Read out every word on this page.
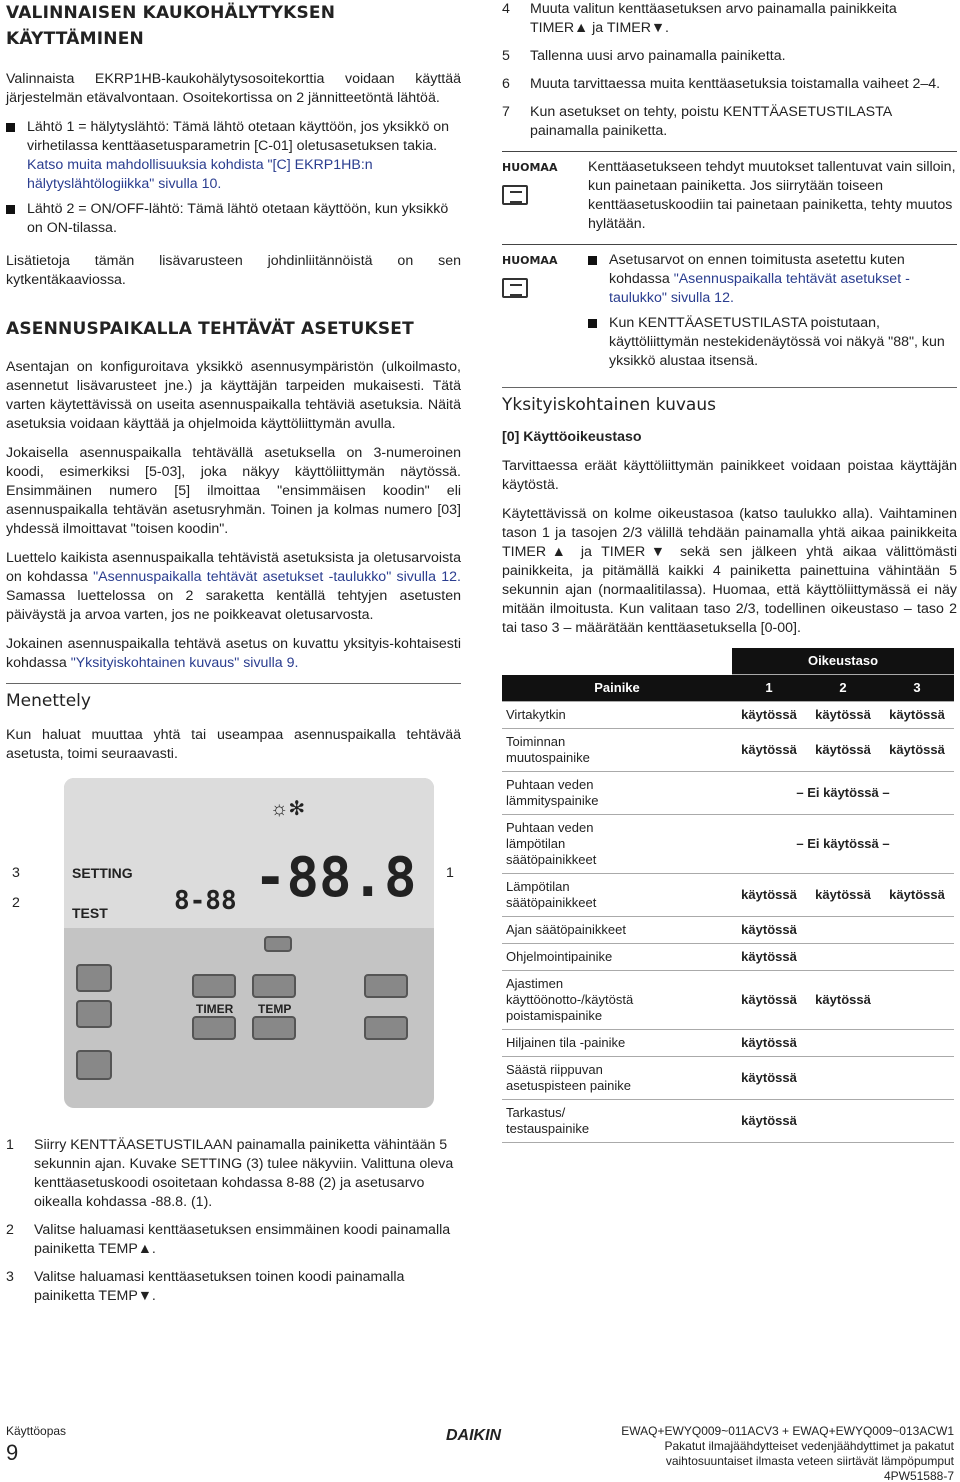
VALINNAISEN KAUKOHÄLYTYKSEN
KÄYTTÄMINEN

Valinnaista EKRP1HB-kaukohälytysosoitekorttia voidaan käyttää järjestelmän etävalvontaan. Osoitekortissa on 2 jännitteetöntä lähtöä.

Lähtö 1 = hälytyslähtö: Tämä lähtö otetaan käyttöön, jos yksikkö on virhetilassa kenttäasetusparametrin [C-01] oletusasetuksen takia. Katso muita mahdollisuuksia kohdista "[C] EKRP1HB:n hälytyslähtölogiikka" sivulla 10.
Lähtö 2 = ON/OFF-lähtö: Tämä lähtö otetaan käyttöön, kun yksikkö on ON-tilassa.

Lisätietoja tämän lisävarusteen johdinliitännöistä on sen kytkentäkaaviossa.

ASENNUSPAIKALLA TEHTÄVÄT ASETUKSET

Asentajan on konfiguroitava yksikkö asennusympäristön (ulkoilmasto, asennetut lisävarusteet jne.) ja käyttäjän tarpeiden mukaisesti. Tätä varten käytettävissä on useita asennuspaikalla tehtäviä asetuksia. Näitä asetuksia voidaan käyttää ja ohjelmoida käyttöliittymän avulla.

Jokaisella asennuspaikalla tehtävällä asetuksella on 3-numeroinen koodi, esimerkiksi [5-03], joka näkyy käyttöliittymän näytössä. Ensimmäinen numero [5] ilmoittaa "ensimmäisen koodin" eli asennuspaikalla tehtävän asetusryhmän. Toinen ja kolmas numero [03] yhdessä ilmoittavat "toisen koodin".

Luettelo kaikista asennuspaikalla tehtävistä asetuksista ja oletusarvoista on kohdassa "Asennuspaikalla tehtävät asetukset -taulukko" sivulla 12. Samassa luettelossa on 2 saraketta kentällä tehtyjen asetusten päiväystä ja arvoa varten, jos ne poikkeavat oletusarvosta.

Jokainen asennuspaikalla tehtävä asetus on kuvattu yksityis-kohtaisesti kohdassa "Yksityiskohtainen kuvaus" sivulla 9.

Menettely

Kun haluat muuttaa yhtä tai useampaa asennuspaikalla tehtävää asetusta, toimi seuraavasti.

SETTING
TEST	8-88 -88.8
☼✻
TIMER TEMP
3
2
1
1 Siirry KENTTÄASETUSTILAAN painamalla painiketta vähintään 5 sekunnin ajan. Kuvake SETTING (3) tulee näkyviin. Valittuna oleva kenttäasetuskoodi osoitetaan kohdassa 8-88 (2) ja asetusarvo oikealla kohdassa -88.8. (1).
2 Valitse haluamasi kenttäasetuksen ensimmäinen koodi painamalla painiketta TEMP▲.
3 Valitse haluamasi kenttäasetuksen toinen koodi painamalla painiketta TEMP▼.
4 Muuta valitun kenttäasetuksen arvo painamalla painikkeita TIMER▲ ja TIMER▼.
5 Tallenna uusi arvo painamalla painiketta.
6 Muuta tarvittaessa muita kenttäasetuksia toistamalla vaiheet 2–4.
7 Kun asetukset on tehty, poistu KENTTÄASETUSTILASTA painamalla painiketta.
HUOMAA	Kenttäasetukseen tehdyt muutokset tallentuvat vain silloin, kun painetaan painiketta. Jos siirrytään toiseen kenttäasetuskoodiin tai painetaan painiketta, tehty muutos hylätään.
HUOMAA	Asetusarvot on ennen toimitusta asetettu kuten kohdassa "Asennuspaikalla tehtävät asetukset -taulukko" sivulla 12.
Kun KENTTÄASETUSTILASTA poistutaan, käyttöliittymän nestekidenäytössä voi näkyä "88", kun yksikkö alustaa itsensä.
Yksityiskohtainen kuvaus
[0] Käyttöoikeustaso

Tarvittaessa eräät käyttöliittymän painikkeet voidaan poistaa käyttäjän käytöstä.

Käytettävissä on kolme oikeustasoa (katso taulukko alla). Vaihtaminen tason 1 ja tasojen 2/3 välillä tehdään painamalla yhtä aikaa painikkeita TIMER▲ ja TIMER▼ sekä sen jälkeen yhtä aikaa välittömästi painikkeita, ja pitämällä kaikki 4 painiketta painettuina vähintään 5 sekunnin ajan (normaalitilassa). Huomaa, että käyttöliittymässä ei näy mitään ilmoitusta. Kun valitaan taso 2/3, todellinen oikeustaso – taso 2 tai taso 3 – määrätään kenttäasetuksella [0-00].

		Oikeustaso		
Painike		1	2	3
Virtakytkin		käytössä	käytössä	käytössä
Toiminnan muutospainike		käytössä	käytössä	käytössä
Puhtaan veden lämmityspainike		– Ei käytössä –		
Puhtaan veden lämpötilan säätöpainikkeet		– Ei käytössä –		
Lämpötilan säätöpainikkeet		käytössä	käytössä	käytössä
Ajan säätöpainikkeet		käytössä		
Ohjelmointipainike		käytössä		
Ajastimen käyttöönotto-/käytöstä poistamispainike		käytössä	käytössä	
Hiljainen tila -painike		käytössä		
Säästä riippuvan asetuspisteen painike		käytössä		
Tarkastus/ testauspainike		käytössä		
Käyttöopas
9
DAIKIN	EWAQ+EWYQ009~011ACV3 + EWAQ+EWYQ009~013ACW1
Pakatut ilmajäähdytteiset vedenjäähdyttimet ja pakatut
vaihtosuuntaiset ilmasta veteen siirtävät lämpöpumput
4PW51588-7
